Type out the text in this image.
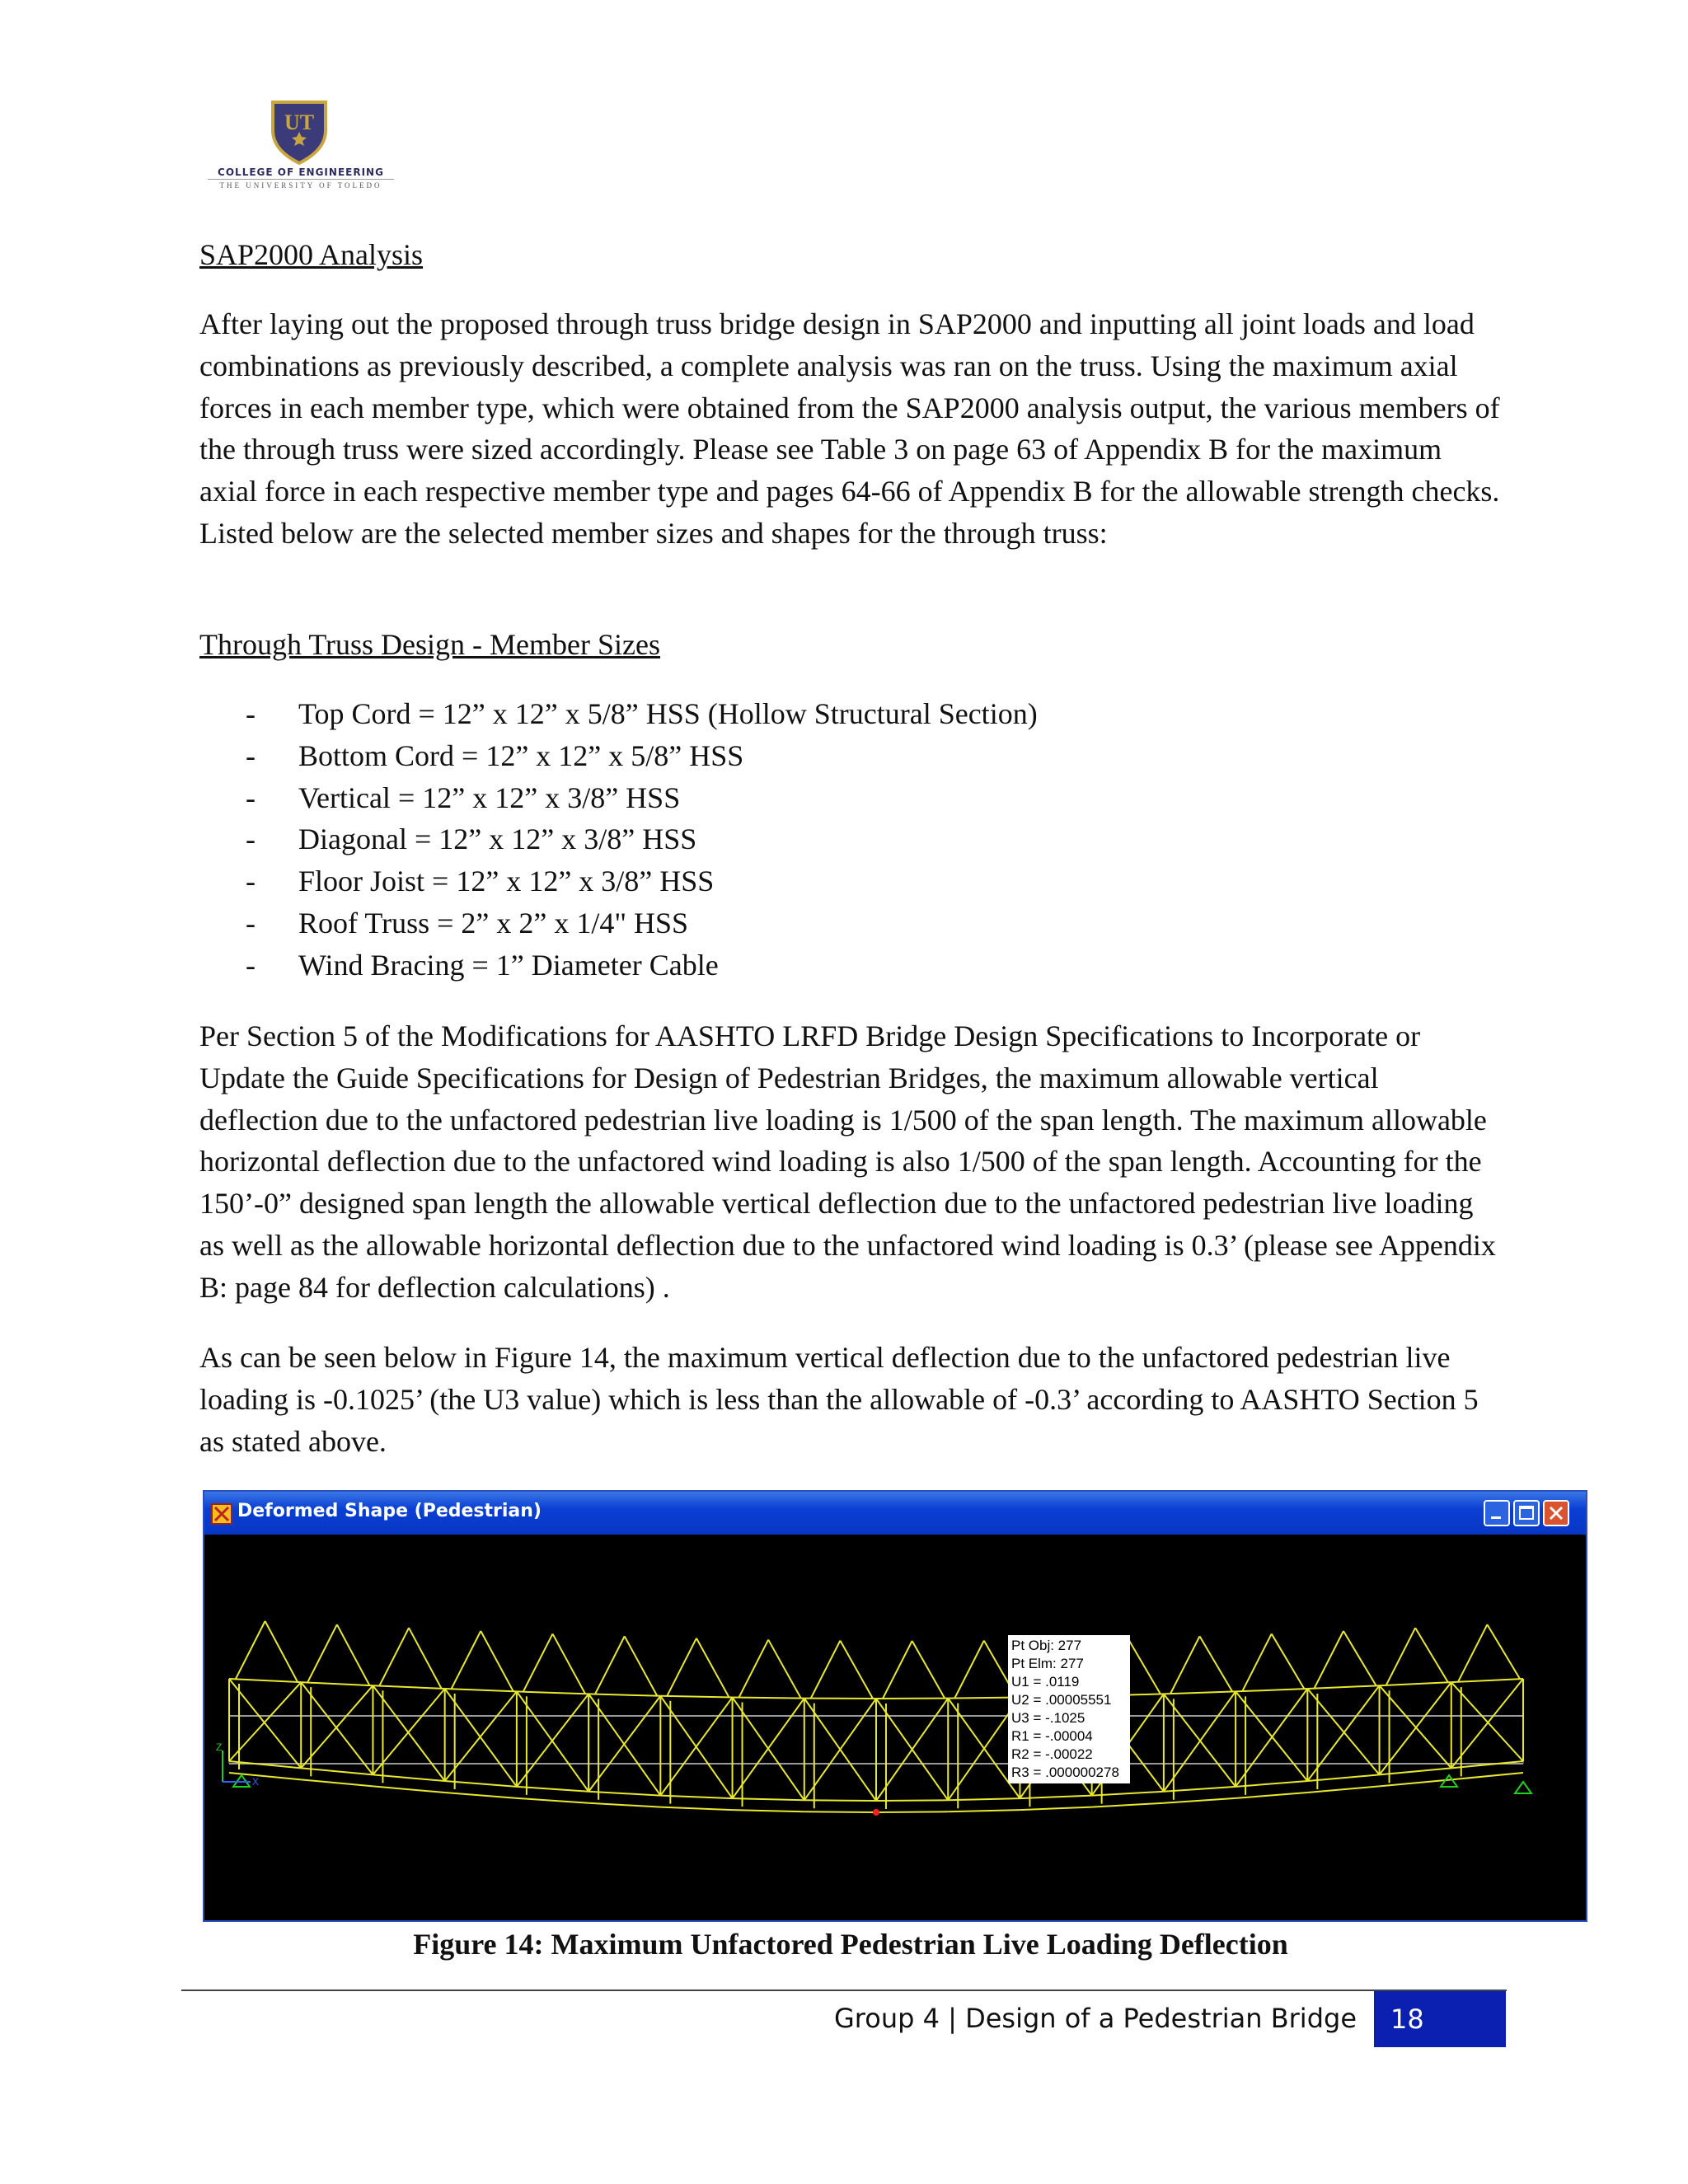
UT
COLLEGE OF ENGINEERING
THE UNIVERSITY OF TOLEDO
SAP2000 Analysis
After laying out the proposed through truss bridge design in SAP2000 and inputting all joint loads and load combinations as previously described, a complete analysis was ran on the truss. Using the maximum axial forces in each member type, which were obtained from the SAP2000 analysis output, the various members of the through truss were sized accordingly. Please see Table 3 on page 63 of Appendix B for the maximum axial force in each respective member type and pages 64-66 of Appendix B for the allowable strength checks. Listed below are the selected member sizes and shapes for the through truss:
Through Truss Design - Member Sizes
- Top Cord = 12” x 12” x 5/8” HSS (Hollow Structural Section)
- Bottom Cord = 12” x 12” x 5/8” HSS
- Vertical = 12” x 12” x 3/8” HSS
- Diagonal = 12” x 12” x 3/8” HSS
- Floor Joist = 12” x 12” x 3/8” HSS
- Roof Truss = 2” x 2” x 1/4" HSS
- Wind Bracing = 1” Diameter Cable
Per Section 5 of the Modifications for AASHTO LRFD Bridge Design Specifications to Incorporate or Update the Guide Specifications for Design of Pedestrian Bridges, the maximum allowable vertical deflection due to the unfactored pedestrian live loading is 1/500 of the span length. The maximum allowable horizontal deflection due to the unfactored wind loading is also 1/500 of the span length. Accounting for the 150’-0” designed span length the allowable vertical deflection due to the unfactored pedestrian live loading as well as the allowable horizontal deflection due to the unfactored wind loading is 0.3’ (please see Appendix B: page 84 for deflection calculations) .
As can be seen below in Figure 14, the maximum vertical deflection due to the unfactored pedestrian live loading is -0.1025’ (the U3 value) which is less than the allowable of -0.3’ according to AASHTO Section 5 as stated above.
Deformed Shape (Pedestrian)
Z
X
Pt Obj: 277
Pt Elm: 277
U1 = .0119
U2 = .00005551
U3 = -.1025
R1 = -.00004
R2 = -.00022
R3 = .000000278
Figure 14: Maximum Unfactored Pedestrian Live Loading Deflection
Group 4 | Design of a Pedestrian Bridge	18
